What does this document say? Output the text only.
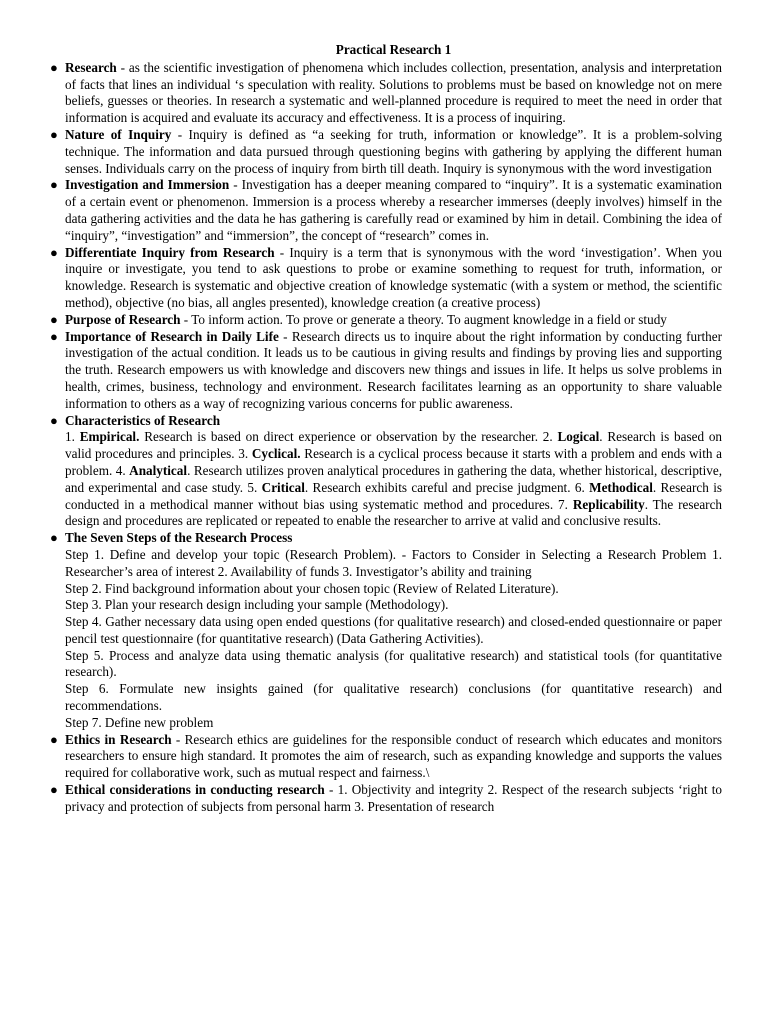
Practical Research 1
● Research - as the scientific investigation of phenomena which includes collection, presentation, analysis and interpretation of facts that lines an individual ‘s speculation with reality. Solutions to problems must be based on knowledge not on mere beliefs, guesses or theories. In research a systematic and well-planned procedure is required to meet the need in order that information is acquired and evaluate its accuracy and effectiveness. It is a process of inquiring.
● Nature of Inquiry - Inquiry is defined as “a seeking for truth, information or knowledge”. It is a problem-solving technique. The information and data pursued through questioning begins with gathering by applying the different human senses. Individuals carry on the process of inquiry from birth till death. Inquiry is synonymous with the word investigation
● Investigation and Immersion - Investigation has a deeper meaning compared to “inquiry”. It is a systematic examination of a certain event or phenomenon. Immersion is a process whereby a researcher immerses (deeply involves) himself in the data gathering activities and the data he has gathering is carefully read or examined by him in detail. Combining the idea of “inquiry”, “investigation” and “immersion”, the concept of “research” comes in.
● Differentiate Inquiry from Research - Inquiry is a term that is synonymous with the word ‘investigation’. When you inquire or investigate, you tend to ask questions to probe or examine something to request for truth, information, or knowledge. Research is systematic and objective creation of knowledge systematic (with a system or method, the scientific method), objective (no bias, all angles presented), knowledge creation (a creative process)
● Purpose of Research - To inform action. To prove or generate a theory. To augment knowledge in a field or study
● Importance of Research in Daily Life - Research directs us to inquire about the right information by conducting further investigation of the actual condition. It leads us to be cautious in giving results and findings by proving lies and supporting the truth. Research empowers us with knowledge and discovers new things and issues in life. It helps us solve problems in health, crimes, business, technology and environment. Research facilitates learning as an opportunity to share valuable information to others as a way of recognizing various concerns for public awareness.
● Characteristics of Research
1. Empirical. Research is based on direct experience or observation by the researcher. 2. Logical. Research is based on valid procedures and principles. 3. Cyclical. Research is a cyclical process because it starts with a problem and ends with a problem. 4. Analytical. Research utilizes proven analytical procedures in gathering the data, whether historical, descriptive, and experimental and case study. 5. Critical. Research exhibits careful and precise judgment. 6. Methodical. Research is conducted in a methodical manner without bias using systematic method and procedures. 7. Replicability. The research design and procedures are replicated or repeated to enable the researcher to arrive at valid and conclusive results.
● The Seven Steps of the Research Process
Step 1. Define and develop your topic (Research Problem). - Factors to Consider in Selecting a Research Problem 1. Researcher’s area of interest 2. Availability of funds 3. Investigator’s ability and training
Step 2. Find background information about your chosen topic (Review of Related Literature).
Step 3. Plan your research design including your sample (Methodology).
Step 4. Gather necessary data using open ended questions (for qualitative research) and closed-ended questionnaire or paper pencil test questionnaire (for quantitative research) (Data Gathering Activities).
Step 5. Process and analyze data using thematic analysis (for qualitative research) and statistical tools (for quantitative research).
Step 6. Formulate new insights gained (for qualitative research) conclusions (for quantitative research) and recommendations.
Step 7. Define new problem
● Ethics in Research - Research ethics are guidelines for the responsible conduct of research which educates and monitors researchers to ensure high standard. It promotes the aim of research, such as expanding knowledge and supports the values required for collaborative work, such as mutual respect and fairness.\
● Ethical considerations in conducting research - 1. Objectivity and integrity 2. Respect of the research subjects ‘right to privacy and protection of subjects from personal harm 3. Presentation of research
